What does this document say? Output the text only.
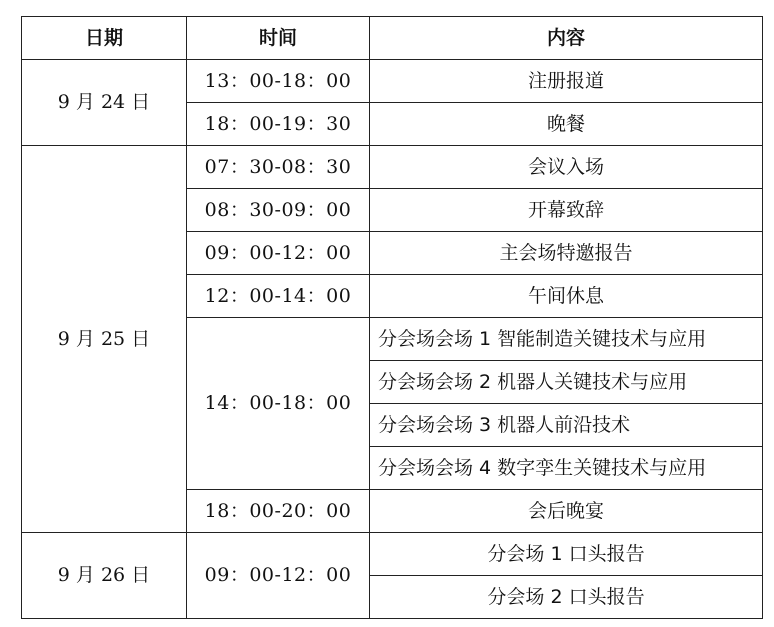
日期	时间	内容
9 月 24 日	13：00-18：00	注册报道
	18：00-19：30	晚餐
9 月 25 日	07：30-08：30	会议入场
	08：30-09：00	开幕致辞
	09：00-12：00	主会场特邀报告
	12：00-14：00	午间休息
	14：00-18：00	分会场会场 1 智能制造关键技术与应用
		分会场会场 2 机器人关键技术与应用
		分会场会场 3 机器人前沿技术
		分会场会场 4 数字孪生关键技术与应用
	18：00-20：00	会后晚宴
9 月 26 日	09：00-12：00	分会场 1 口头报告
		分会场 2 口头报告
